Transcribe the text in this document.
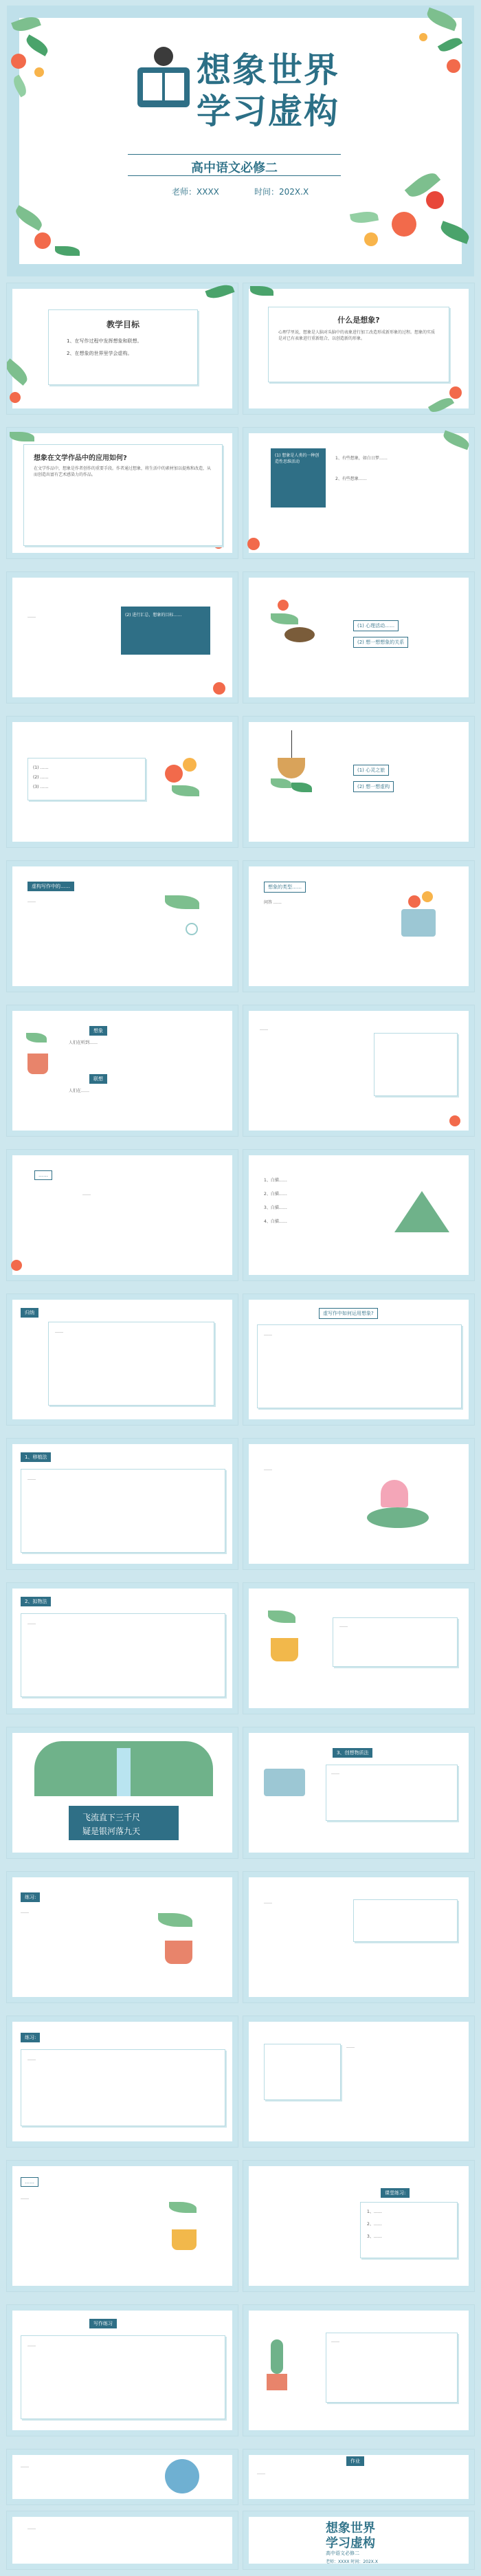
想象世界
学习虚构
高中语文必修二
老师：XXXX	时间：202X.X
教学目标
1、在写作过程中发挥想象和联想。
2、在想象的世界里学会虚构。
什么是想象?
心理学里说，想象是人脑对头脑中的表象进行加工改造形成新形象的过程。想象的实质是对已有表象进行重新组合，以创造新的形象。
想象在文学作品中的应用如何?
在文学作品中，想象是作者创作的重要手段。作者通过想象，将生活中的素材加以提炼和改造，从而创造出富有艺术感染力的作品。
(1) 想象是人类的一种创造性思维活动
1、有些想象，如白日梦……
2、有些想象……
……	(2) 进行汇总，想象的目标……
(1) 心理活动……
(2) 想一想想象的关系
(1) ……
(2) ……
(3) ……
(1) 心灵之旅
(2) 想一想虚构
虚构写作中的……
……
想象的类型……
问答 ……
想象
人们在听到……
联想
人们在……
……
……
……
1、白描……
2、白描……
3、白描……
4、白描……
归纳
……
虚写作中如何运用想象?
……
1、移植法
……
……
2、拟物法
……
……
飞流直下三千尺
疑是银河落九天
3、创想物质法
……
练习:
……
……
练习:
……
……
……
……
课堂练习:
1、……
2、……
3、……
写作练习
……
……
……
作业
……
……	想象世界
学习虚构
高中语文必修二
老师：XXXX 时间：202X.X
